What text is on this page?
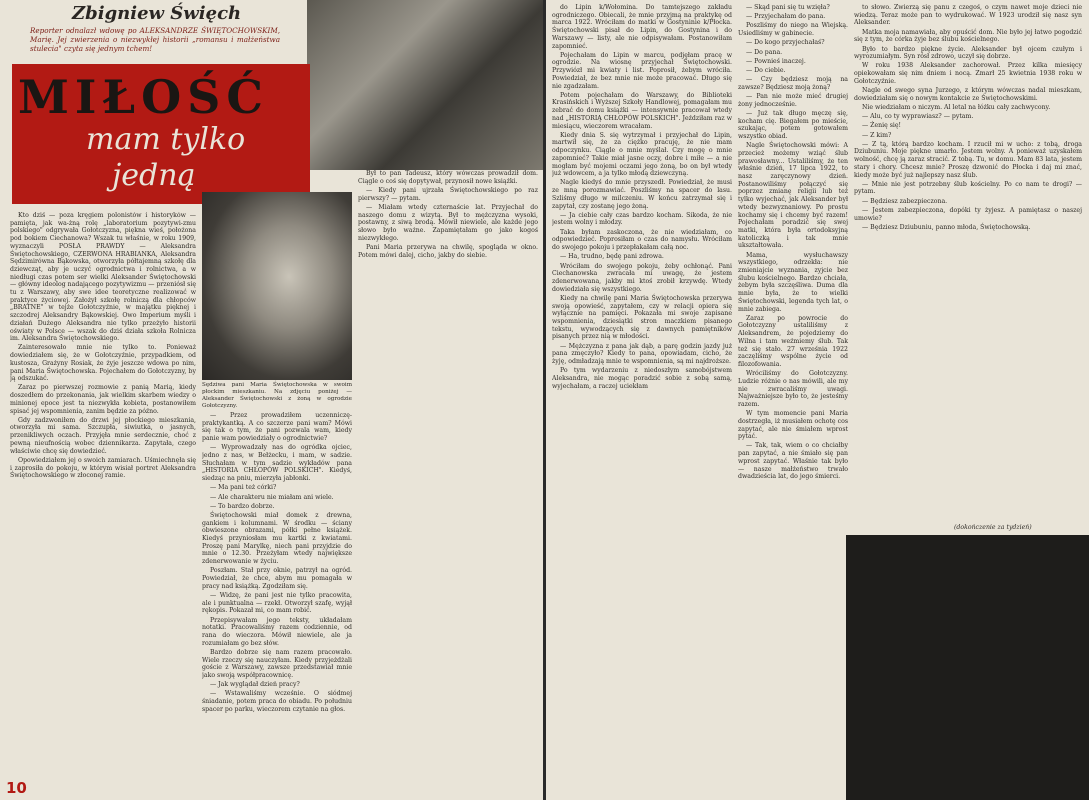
Zbigniew Święch
Reporter odnalazł wdowę po ALEKSANDRZE ŚWIĘTOCHOWSKIM, Marię. Jej zwierzenia o niezwykłej historii „romansu i małżeństwa stulecia" czyta się jednym tchem!
MIŁOŚĆ
mam tylko
jedną
Sędziwa pani Maria Świętochowska w swoim płockim mieszkaniu. Na zdjęciu poniżej — Aleksander Świętochowski z żoną w ogrodzie Gołotczyzny.

Kto dziś — poza kręgiem polonistów i historyków — pamięta, jak wa-żną rolę „laboratorium pozytywi-zmu polskiego" odgrywała Gołotczyzna, piękna wieś, położona pod bokiem Ciechanowa? Wszak tu właśnie, w roku 1909, wyznaczyli POSŁA PRAWDY — Aleksandra Świętochowskiego, CZERWONA HRABIANKA, Aleksandra Sędzimirówna Bąkowska, otworzyła półtajemną szkołę dla dziewcząt, aby je uczyć ogrodnictwa i rolnictwa, a w niedługi czas potem ser wielki Aleksander Świętochowski — główny ideolog nadającego pozytywizmu — przeniósł się tu z Warszawy, aby swe idee teoretyczne realizować w praktyce życiowej. Założył szkołę rolniczą dla chłopców „BRATNE" w tejże Gołotczyźnie, w majątku pięknej i szczodrej Aleksandry Bąkowskiej. Owo Imperium myśli i działań Dużego Aleksandra nie tylko przeżyło historii oświaty w Polsce — wszak do dziś działa szkoła Rolnicza im. Aleksandra Świętochowskiego.

Zainteresowało mnie nie tylko to. Ponieważ dowiedziałem się, że w Gołotczyźnie, przypadkiem, od kustosza, Grażyny Rosiak, że żyje jeszcze wdowa po nim, pani Maria Świętochowska. Pojechałem do Gołotczyzny, by ją odszukać.

Zaraz po pierwszej rozmowie z panią Marią, kiedy doszedłem do przekonania, jak wielkim skarbem wiedzy o minionej epoce jest ta niezwykła kobieta, postanowiłem spisać jej wspomnienia, zanim będzie za późno.

Gdy zadzwoniłem do drzwi jej płockiego mieszkania, otworzyła mi sama. Szczupła, siwiutka, o jasnych, przenikliwych oczach. Przyjęła mnie serdecznie, choć z pewną nieufnością wobec dziennikarza. Zapytała, czego właściwie chcę się dowiedzieć.

Opowiedziałem jej o swoich zamiarach. Uśmiechnęła się i zaprosiła do pokoju, w którym wisiał portret Aleksandra Świętochowskiego w złoconej ramie.

— Przez prowadziłem uczenniczę-praktykantką. A co szczerze pani wam? Mówi się tak o tym, że pani pozwala wam, kiedy panie wam powiedziały o ogrodnictwie?

— Wyprowadzały nas do ogródka ojciec, jedno z nas, w Bełżecku, i mam, w sadzie. Słuchałam w tym sadzie wykładów pana „HISTORIA CHŁOPÓW POLSKICH". Kiedyś, siedząc na pniu, mierzyła jabłonki.

— Ma pani też córki?

— Ale charakteru nie miałam ani wiele.

— To bardzo dobrze.

Świętochowski miał domek z drewna, gankiem i kolumnami. W środku — ściany obwieszone obrazami, półki pełne książek. Kiedyś przyniosłam mu kartki z kwiatami. Proszę pani Marylkę, niech pani przyjdzie do mnie o 12.30. Przeżyłam wtedy największe zdenerwowanie w życiu.

Poszłam. Stał przy oknie, patrzył na ogród. Powiedział, że chce, abym mu pomagała w pracy nad książką. Zgodziłam się.

— Widzę, że pani jest nie tylko pracowita, ale i punktualna — rzekł. Otworzył szafę, wyjął rękopis. Pokazał mi, co mam robić.

Przepisywałam jego teksty, układałam notatki. Pracowaliśmy razem codziennie, od rana do wieczora. Mówił niewiele, ale ja rozumiałam go bez słów.

Bardzo dobrze się nam razem pracowało. Wiele rzeczy się nauczyłam. Kiedy przyjeżdżali goście z Warszawy, zawsze przedstawiał mnie jako swoją współpracownicę.

— Jak wyglądał dzień pracy?

— Wstawaliśmy wcześnie. O siódmej śniadanie, potem praca do obiadu. Po południu spacer po parku, wieczorem czytanie na głos.

Był to pan Tadeusz, który wówczas prowadził dom. Ciągle o coś się dopytywał, przynosił nowe książki.

— Kiedy pani ujrzała Świętochowskiego po raz pierwszy? — pytam.

— Miałam wtedy czternaście lat. Przyjechał do naszego domu z wizytą. Był to mężczyzna wysoki, postawny, z siwą brodą. Mówił niewiele, ale każde jego słowo było ważne. Zapamiętałam go jako kogoś niezwykłego.

Pani Maria przerywa na chwilę, spogląda w okno. Potem mówi dalej, cicho, jakby do siebie.

10

do Lipin k/Wołomina. Do tamtejszego zakładu ogrodniczego. Obiecali, że mnie przyjmą na praktykę od marca 1922. Wróciłam do matki w Gostyninie k/Płocka. Świętochowski pisał do Lipin, do Gostynina i do Warszawy — listy, ale nie odpisywałam. Postanowiłam zapomnieć.

Pojechałam do Lipin w marcu, podjęłam pracę w ogrodzie. Na wiosnę przyjechał Świętochowski. Przywiózł mi kwiaty i list. Poprosił, żebym wróciła. Powiedział, że bez mnie nie może pracować. Długo się nie zgadzałam.

Potem pojechałam do Warszawy, do Biblioteki Krasińskich i Wyższej Szkoły Handlowej, pomagałam mu zebrać do domu książki — intensywnie pracował wtedy nad „HISTORIĄ CHŁOPÓW POLSKICH". Jeździłam raz w miesiącu, wieczorem wracałam.

Kiedy dnia S. się wytrzymał i przyjechał do Lipin, martwił się, że za ciężko pracuję, że nie mam odpoczynku. Ciągle o mnie myślał. Czy mogę o mnie zapomnieć? Takie miał jasne oczy, dobre i miłe — a nie mogłam być mojemi oczami jego żoną, bo on był wtedy już wdowcem, a ja tylko młodą dziewczyną.

Nagle kiedyś do mnie przyszedł. Powiedział, że musi ze mną porozmawiać. Poszliśmy na spacer do lasu. Szliśmy długo w milczeniu. W końcu zatrzymał się i zapytał, czy zostanę jego żoną.

— Ja ciebie cały czas bardzo kocham. Sikoda, że nie jestem wolny i młodzy.

Taka byłam zaskoczona, że nie wiedziałam, co odpowiedzieć. Poprosiłam o czas do namysłu. Wróciłam do swojego pokoju i przepłakałam całą noc.

— Ha, trudno, będę pani zdrowa.

Wróciłam do swojego pokoju, żeby ochłonąć. Pani Ciechanowska zwracała mi uwagę, że jestem zdenerwowana, jakby mi ktoś zrobił krzywdę. Wtedy dowiedziała się wszystkiego.

Kiedy na chwilę pani Maria Świętochowska przerywa swoją opowieść, zapytałem, czy w relacji opiera się wyłącznie na pamięci. Pokazała mi swoje zapisane wspomnienia, dziesiątki stron maczkiem pisanego tekstu, wywodzących się z dawnych pamiętników pisanych przez nią w młodości.

— Mężczyzna z pana jak dąb, a parę godzin jazdy już pana zmęczyło? Kiedy to pana, opowiadam, cicho, że żyję, odmładzają mnie te wspomnienia, są mi najdroższe.

Po tym wydarzeniu z niedoszłym samobójstwem Aleksandra, nie mogąc poradzić sobie z sobą samą, wyjechałam, a raczej uciekłam

— Skąd pani się tu wzięła?

— Przyjechałam do pana.

Poszliśmy do niego na Wiejską. Usiedliśmy w gabinecie.

— Do kogo przyjechałaś?

— Do pana.

— Pownieś inaczej.

— Do ciebie.

— Czy będziesz moją na zawsze? Będziesz moją żoną?

— Pan nie może mieć drugiej żony jednocześnie.

— Już tak długo męczę się, kocham cię. Biegałem po mieście, szukając, potem gotowałem wszystko obiad.

Nagle Świętochowski mówi: A przecież możemy wziąć ślub prawosławny... Ustaliliśmy, że ten właśnie dzień, 17 lipca 1922, to nasz zaręczynowy dzień. Postanowiliśmy połączyć się poprzez zmianę religii lub też tylko wyjechać, jak Aleksander był wtedy bezwyznaniowy. Po prostu kochamy się i chcemy być razem! Pojechałam poradzić się swej matki, która była ortodoksyjną katoliczką i tak mnie ukształtowała.

Mama, wysłuchawszy wszystkiego, odrzekła: nie zmieniajcie wyznania, zyjcie bez ślubu kościelnego. Bardzo chciała, żebym była szczęśliwa. Duma dla mnie była, że to wielki Świętochowski, legenda tych lat, o mnie zabiega.

Zaraz po powrocie do Gołotczyzny ustaliliśmy z Aleksandrem, że pojedziemy do Wilna i tam weźmiemy ślub. Tak też się stało. 27 września 1922 zaczęliśmy wspólne życie od filozofowania.

Wróciliśmy do Gołotczyzny. Ludzie różnie o nas mówili, ale my nie zwracaliśmy uwagi. Najważniejsze było to, że jesteśmy razem.

W tym momencie pani Maria dostrzegła, iż musiałem ochotę cos zapytać, ale nie śmiałem wprost pytać.

— Tak, tak, wiem o co chciałby pan zapytać, a nie śmiało się pan wprost zapytać. Właśnie tak było — nasze małżeństwo trwało dwadzieścia lat, do jego śmierci.

to słowo. Zwierzą się panu z czegoś, o czym nawet moje dzieci nie wiedzą. Teraz może pan to wydrukować. W 1923 urodził się nasz syn Aleksander.

Matka moja namawiała, aby opuścić dom. Nie było jej łatwo pogodzić się z tym, że córka żyje bez ślubu kościelnego.

Było to bardzo piękne życie. Aleksander był ojcem czułym i wyrozumiałym. Syn rósł zdrowo, uczył się dobrze.

W roku 1938 Aleksander zachorował. Przez kilka miesięcy opiekowałam się nim dniem i nocą. Zmarł 25 kwietnia 1938 roku w Gołotczyźnie.

Nagle od swego syna Jurzego, z którym wówczas nadal mieszkam, dowiedziałam się o nowym kontakcie ze Świętochowskimi.

Nie wiedziałam o niczym. Al letal na łóżku cały zachwycony.

— Alu, co ty wyprawiasz? — pytam.

— Żenię się!

— Z kim?

— Z tą, którą bardzo kocham. I rzucił mi w ucho: z tobą, droga Dziubuniu. Moje piękne umarło. Jestem wolny. A ponieważ uzyskałem wolność, chcę ją zaraz stracić. Z tobą. Tu, w domu. Mam 83 lata, jestem stary i chory. Chcesz mnie? Proszę dzwonić do Płocka i daj mi znać, kiedy może być już najlepszy nasz ślub.

— Mnie nie jest potrzebny ślub kościelny. Po co nam te drogi? — pytam.

— Będziesz zabezpieczona.

— Jestem zabezpieczona, dopóki ty żyjesz. A pamiętasz o naszej umowie?

— Będziesz Dziubuniu, panno młoda, Świętochowską.

(dokończenie za tydzień)
